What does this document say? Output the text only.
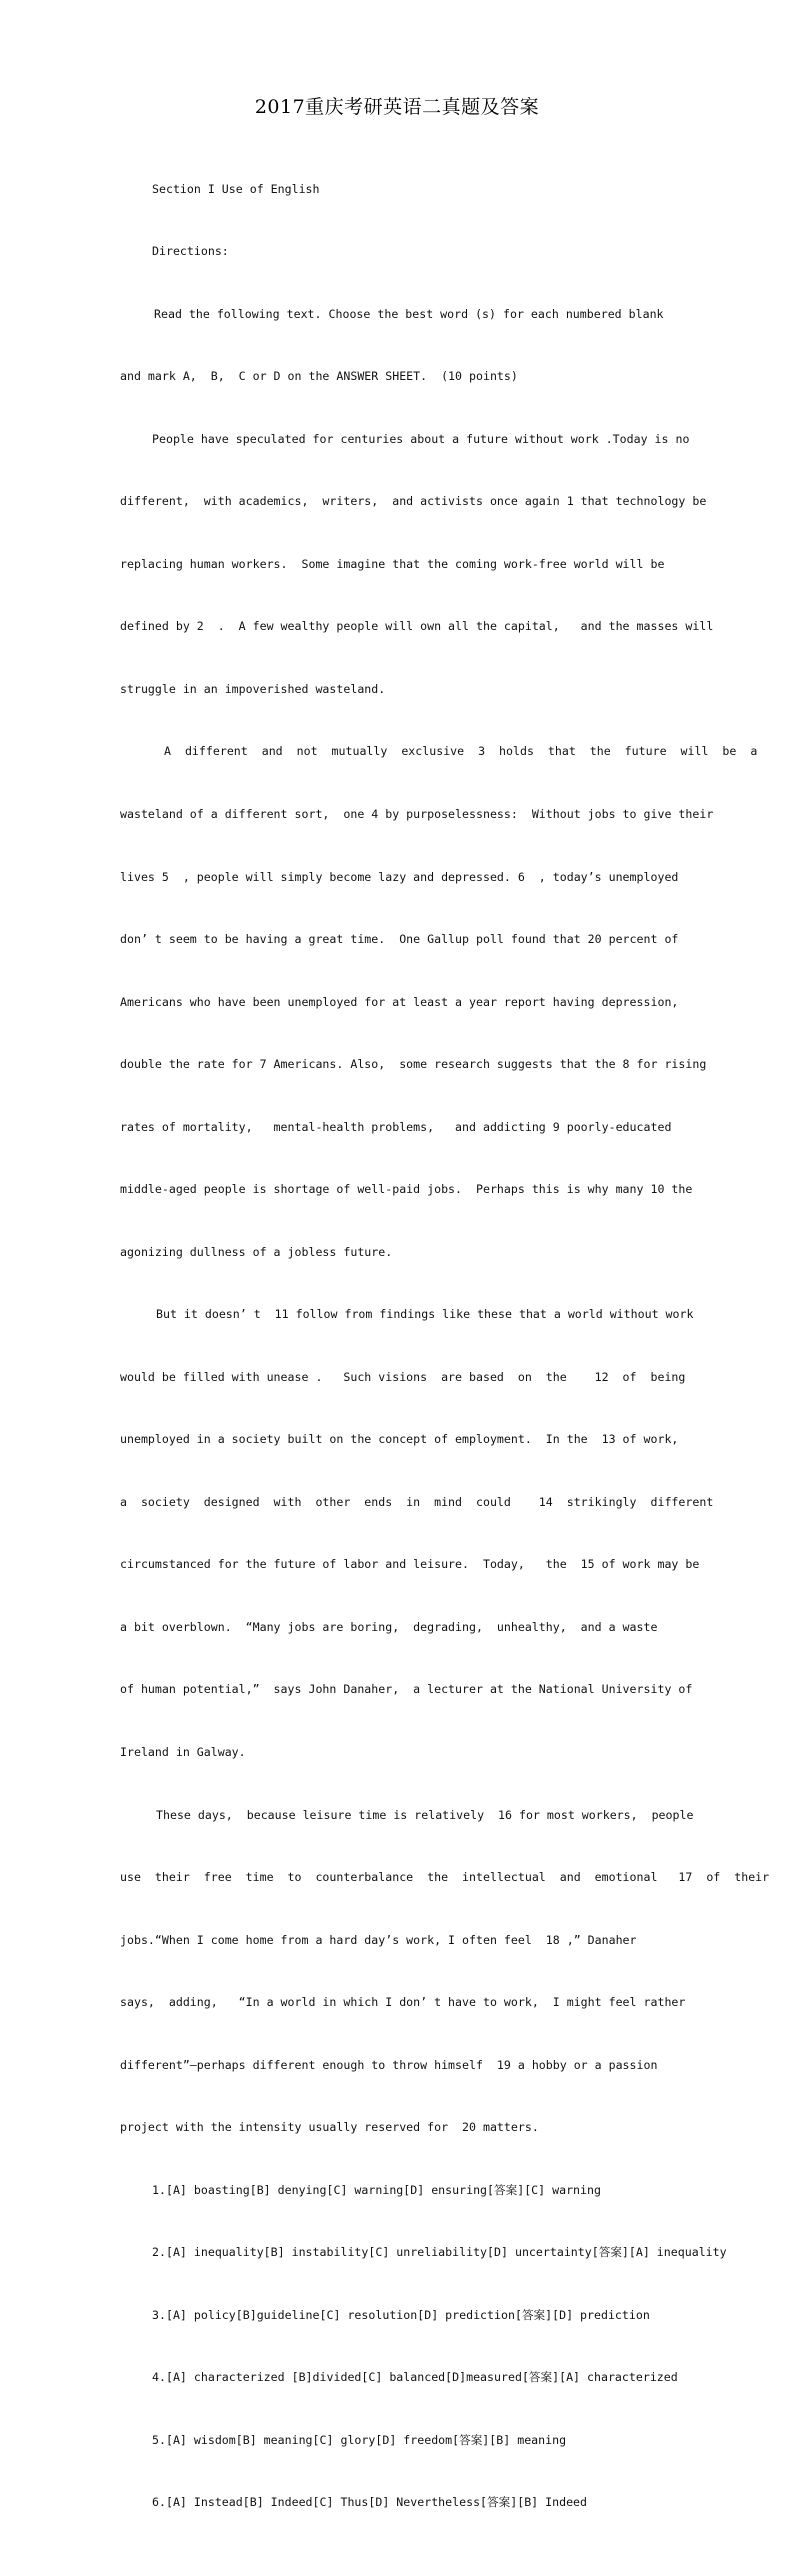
2017重庆考研英语二真题及答案

Section I Use of English

Directions:

Read the following text. Choose the best word (s) for each numbered blank

and mark A,  B,  C or D on the ANSWER SHEET.  (10 points)

People have speculated for centuries about a future without work .Today is no

different,  with academics,  writers,  and activists once again 1 that technology be

replacing human workers.  Some imagine that the coming work-free world will be

defined by 2  .  A few wealthy people will own all the capital,   and the masses will

struggle in an impoverished wasteland.

A  different  and  not  mutually  exclusive  3  holds  that  the  future  will  be  a

wasteland of a different sort,  one 4 by purposelessness:  Without jobs to give their

lives 5  , people will simply become lazy and depressed. 6  , today’s unemployed

don’ t seem to be having a great time.  One Gallup poll found that 20 percent of

Americans who have been unemployed for at least a year report having depression,

double the rate for 7 Americans. Also,  some research suggests that the 8 for rising

rates of mortality,   mental-health problems,   and addicting 9 poorly-educated

middle-aged people is shortage of well-paid jobs.  Perhaps this is why many 10 the

agonizing dullness of a jobless future.

But it doesn’ t  11 follow from findings like these that a world without work

would be filled with unease .   Such visions  are based  on  the    12  of  being

unemployed in a society built on the concept of employment.  In the  13 of work,

a  society  designed  with  other  ends  in  mind  could    14  strikingly  different

circumstanced for the future of labor and leisure.  Today,   the  15 of work may be

a bit overblown.  “Many jobs are boring,  degrading,  unhealthy,  and a waste

of human potential,”  says John Danaher,  a lecturer at the National University of

Ireland in Galway.

These days,  because leisure time is relatively  16 for most workers,  people

use  their  free  time  to  counterbalance  the  intellectual  and  emotional   17  of  their

jobs.“When I come home from a hard day’s work, I often feel  18 ,” Danaher

says,  adding,   “In a world in which I don’ t have to work,  I might feel rather

different”—perhaps different enough to throw himself  19 a hobby or a passion

project with the intensity usually reserved for  20 matters.

1.[A] boasting[B] denying[C] warning[D] ensuring[答案][C] warning

2.[A] inequality[B] instability[C] unreliability[D] uncertainty[答案][A] inequality

3.[A] policy[B]guideline[C] resolution[D] prediction[答案][D] prediction

4.[A] characterized [B]divided[C] balanced[D]measured[答案][A] characterized

5.[A] wisdom[B] meaning[C] glory[D] freedom[答案][B] meaning

6.[A] Instead[B] Indeed[C] Thus[D] Nevertheless[答案][B] Indeed
